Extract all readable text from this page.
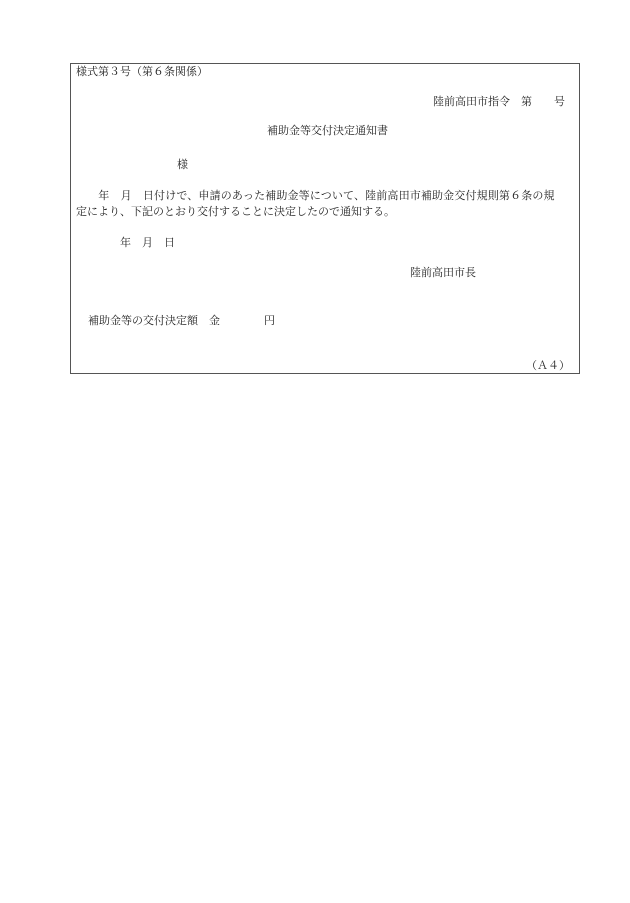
様式第３号（第６条関係）
陸前高田市指令　第　　号
補助金等交付決定通知書
様
　　年　月　日付けで、申請のあった補助金等について、陸前高田市補助金交付規則第６条の規
定により、下記のとおり交付することに決定したので通知する。
年　月　日
陸前高田市長
補助金等の交付決定額　金　　　　円
（Ａ４）
